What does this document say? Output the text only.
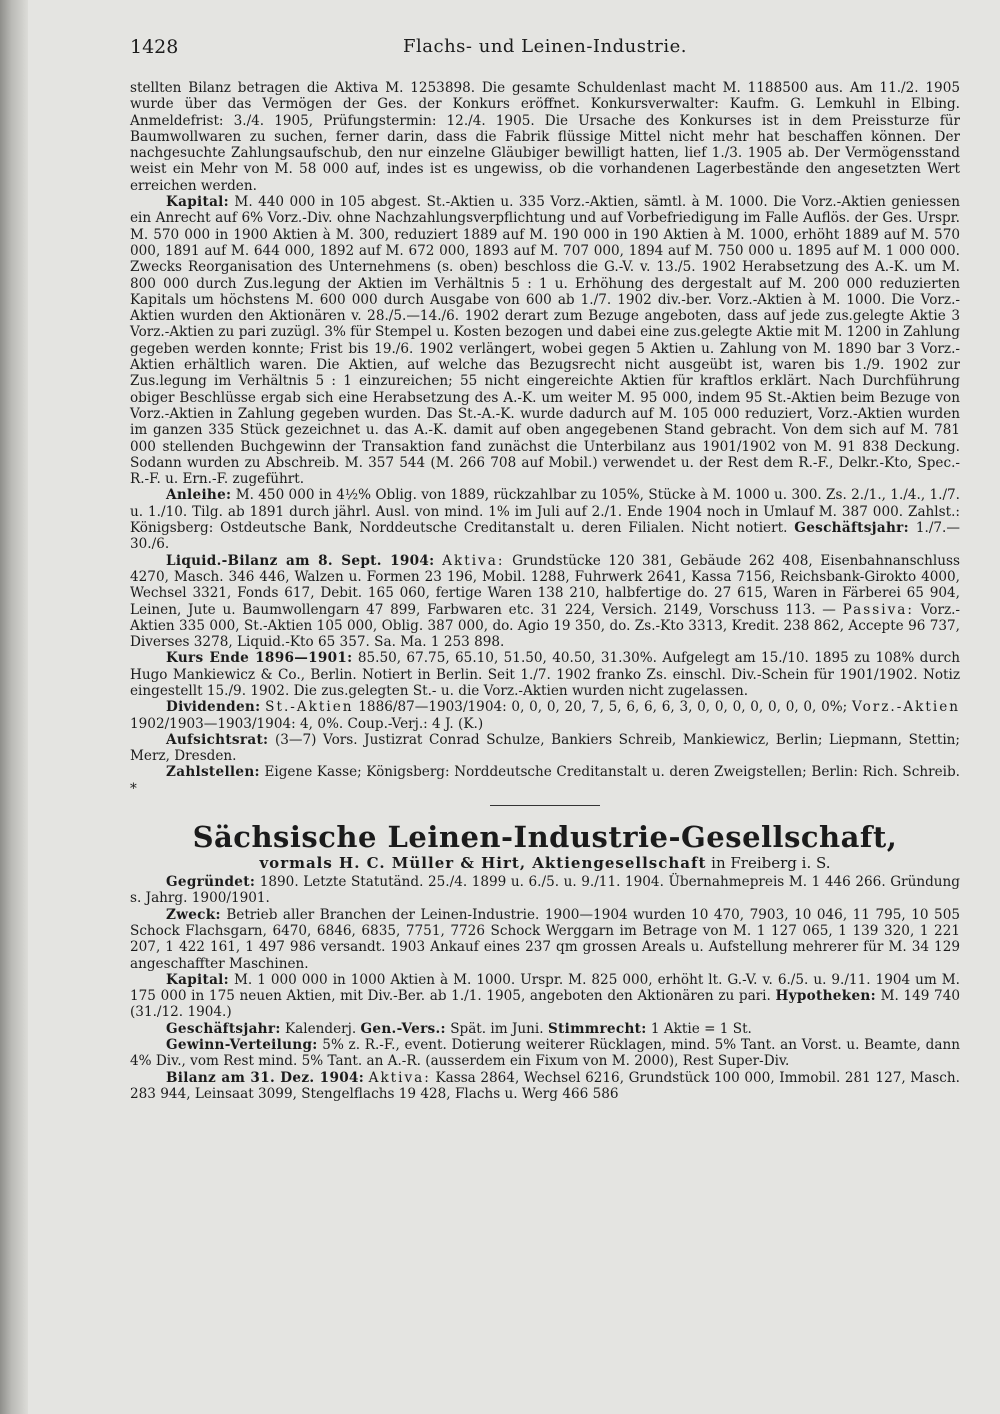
1428	Flachs- und Leinen-Industrie.

stellten Bilanz betragen die Aktiva M. 1253898. Die gesamte Schuldenlast macht M. 1188500 aus. Am 11./2. 1905 wurde über das Vermögen der Ges. der Konkurs eröffnet. Konkursverwalter: Kaufm. G. Lemkuhl in Elbing. Anmeldefrist: 3./4. 1905, Prüfungstermin: 12./4. 1905. Die Ursache des Konkurses ist in dem Preissturze für Baumwollwaren zu suchen, ferner darin, dass die Fabrik flüssige Mittel nicht mehr hat beschaffen können. Der nachgesuchte Zahlungsaufschub, den nur einzelne Gläubiger bewilligt hatten, lief 1./3. 1905 ab. Der Vermögensstand weist ein Mehr von M. 58 000 auf, indes ist es ungewiss, ob die vorhandenen Lagerbestände den angesetzten Wert erreichen werden.

Kapital: M. 440 000 in 105 abgest. St.-Aktien u. 335 Vorz.-Aktien, sämtl. à M. 1000. Die Vorz.-Aktien geniessen ein Anrecht auf 6% Vorz.-Div. ohne Nachzahlungsverpflichtung und auf Vorbefriedigung im Falle Auflös. der Ges. Urspr. M. 570 000 in 1900 Aktien à M. 300, reduziert 1889 auf M. 190 000 in 190 Aktien à M. 1000, erhöht 1889 auf M. 570 000, 1891 auf M. 644 000, 1892 auf M. 672 000, 1893 auf M. 707 000, 1894 auf M. 750 000 u. 1895 auf M. 1 000 000. Zwecks Reorganisation des Unternehmens (s. oben) beschloss die G.-V. v. 13./5. 1902 Herabsetzung des A.-K. um M. 800 000 durch Zus.legung der Aktien im Verhältnis 5 : 1 u. Erhöhung des dergestalt auf M. 200 000 reduzierten Kapitals um höchstens M. 600 000 durch Ausgabe von 600 ab 1./7. 1902 div.-ber. Vorz.-Aktien à M. 1000. Die Vorz.-Aktien wurden den Aktionären v. 28./5.—14./6. 1902 derart zum Bezuge angeboten, dass auf jede zus.gelegte Aktie 3 Vorz.-Aktien zu pari zuzügl. 3% für Stempel u. Kosten bezogen und dabei eine zus.gelegte Aktie mit M. 1200 in Zahlung gegeben werden konnte; Frist bis 19./6. 1902 verlängert, wobei gegen 5 Aktien u. Zahlung von M. 1890 bar 3 Vorz.-Aktien erhältlich waren. Die Aktien, auf welche das Bezugsrecht nicht ausgeübt ist, waren bis 1./9. 1902 zur Zus.legung im Verhältnis 5 : 1 einzureichen; 55 nicht eingereichte Aktien für kraftlos erklärt. Nach Durchführung obiger Beschlüsse ergab sich eine Herabsetzung des A.-K. um weiter M. 95 000, indem 95 St.-Aktien beim Bezuge von Vorz.-Aktien in Zahlung gegeben wurden. Das St.-A.-K. wurde dadurch auf M. 105 000 reduziert, Vorz.-Aktien wurden im ganzen 335 Stück gezeichnet u. das A.-K. damit auf oben angegebenen Stand gebracht. Von dem sich auf M. 781 000 stellenden Buchgewinn der Transaktion fand zunächst die Unterbilanz aus 1901/1902 von M. 91 838 Deckung. Sodann wurden zu Abschreib. M. 357 544 (M. 266 708 auf Mobil.) verwendet u. der Rest dem R.-F., Delkr.-Kto, Spec.-R.-F. u. Ern.-F. zugeführt.

Anleihe: M. 450 000 in 4½% Oblig. von 1889, rückzahlbar zu 105%, Stücke à M. 1000 u. 300. Zs. 2./1., 1./4., 1./7. u. 1./10. Tilg. ab 1891 durch jährl. Ausl. von mind. 1% im Juli auf 2./1. Ende 1904 noch in Umlauf M. 387 000. Zahlst.: Königsberg: Ostdeutsche Bank, Norddeutsche Creditanstalt u. deren Filialen. Nicht notiert. Geschäftsjahr: 1./7.—30./6.

Liquid.-Bilanz am 8. Sept. 1904: Aktiva: Grundstücke 120 381, Gebäude 262 408, Eisenbahnanschluss 4270, Masch. 346 446, Walzen u. Formen 23 196, Mobil. 1288, Fuhrwerk 2641, Kassa 7156, Reichsbank-Girokto 4000, Wechsel 3321, Fonds 617, Debit. 165 060, fertige Waren 138 210, halbfertige do. 27 615, Waren in Färberei 65 904, Leinen, Jute u. Baumwollengarn 47 899, Farbwaren etc. 31 224, Versich. 2149, Vorschuss 113. — Passiva: Vorz.-Aktien 335 000, St.-Aktien 105 000, Oblig. 387 000, do. Agio 19 350, do. Zs.-Kto 3313, Kredit. 238 862, Accepte 96 737, Diverses 3278, Liquid.-Kto 65 357. Sa. Ma. 1 253 898.

Kurs Ende 1896—1901: 85.50, 67.75, 65.10, 51.50, 40.50, 31.30%. Aufgelegt am 15./10. 1895 zu 108% durch Hugo Mankiewicz & Co., Berlin. Notiert in Berlin. Seit 1./7. 1902 franko Zs. einschl. Div.-Schein für 1901/1902. Notiz eingestellt 15./9. 1902. Die zus.gelegten St.- u. die Vorz.-Aktien wurden nicht zugelassen.

Dividenden: St.-Aktien 1886/87—1903/1904: 0, 0, 0, 20, 7, 5, 6, 6, 6, 3, 0, 0, 0, 0, 0, 0, 0, 0%; Vorz.-Aktien 1902/1903—1903/1904: 4, 0%. Coup.-Verj.: 4 J. (K.)

Aufsichtsrat: (3—7) Vors. Justizrat Conrad Schulze, Bankiers Schreib, Mankiewicz, Berlin; Liepmann, Stettin; Merz, Dresden.

Zahlstellen: Eigene Kasse; Königsberg: Norddeutsche Creditanstalt u. deren Zweigstellen; Berlin: Rich. Schreib. *

Sächsische Leinen-Industrie-Gesellschaft,

vormals H. C. Müller & Hirt, Aktiengesellschaft in Freiberg i. S.

Gegründet: 1890. Letzte Statutänd. 25./4. 1899 u. 6./5. u. 9./11. 1904. Übernahmepreis M. 1 446 266. Gründung s. Jahrg. 1900/1901.

Zweck: Betrieb aller Branchen der Leinen-Industrie. 1900—1904 wurden 10 470, 7903, 10 046, 11 795, 10 505 Schock Flachsgarn, 6470, 6846, 6835, 7751, 7726 Schock Werggarn im Betrage von M. 1 127 065, 1 139 320, 1 221 207, 1 422 161, 1 497 986 versandt. 1903 Ankauf eines 237 qm grossen Areals u. Aufstellung mehrerer für M. 34 129 angeschaffter Maschinen.

Kapital: M. 1 000 000 in 1000 Aktien à M. 1000. Urspr. M. 825 000, erhöht lt. G.-V. v. 6./5. u. 9./11. 1904 um M. 175 000 in 175 neuen Aktien, mit Div.-Ber. ab 1./1. 1905, angeboten den Aktionären zu pari. Hypotheken: M. 149 740 (31./12. 1904.)

Geschäftsjahr: Kalenderj. Gen.-Vers.: Spät. im Juni. Stimmrecht: 1 Aktie = 1 St.

Gewinn-Verteilung: 5% z. R.-F., event. Dotierung weiterer Rücklagen, mind. 5% Tant. an Vorst. u. Beamte, dann 4% Div., vom Rest mind. 5% Tant. an A.-R. (ausserdem ein Fixum von M. 2000), Rest Super-Div.

Bilanz am 31. Dez. 1904: Aktiva: Kassa 2864, Wechsel 6216, Grundstück 100 000, Immobil. 281 127, Masch. 283 944, Leinsaat 3099, Stengelflachs 19 428, Flachs u. Werg 466 586
